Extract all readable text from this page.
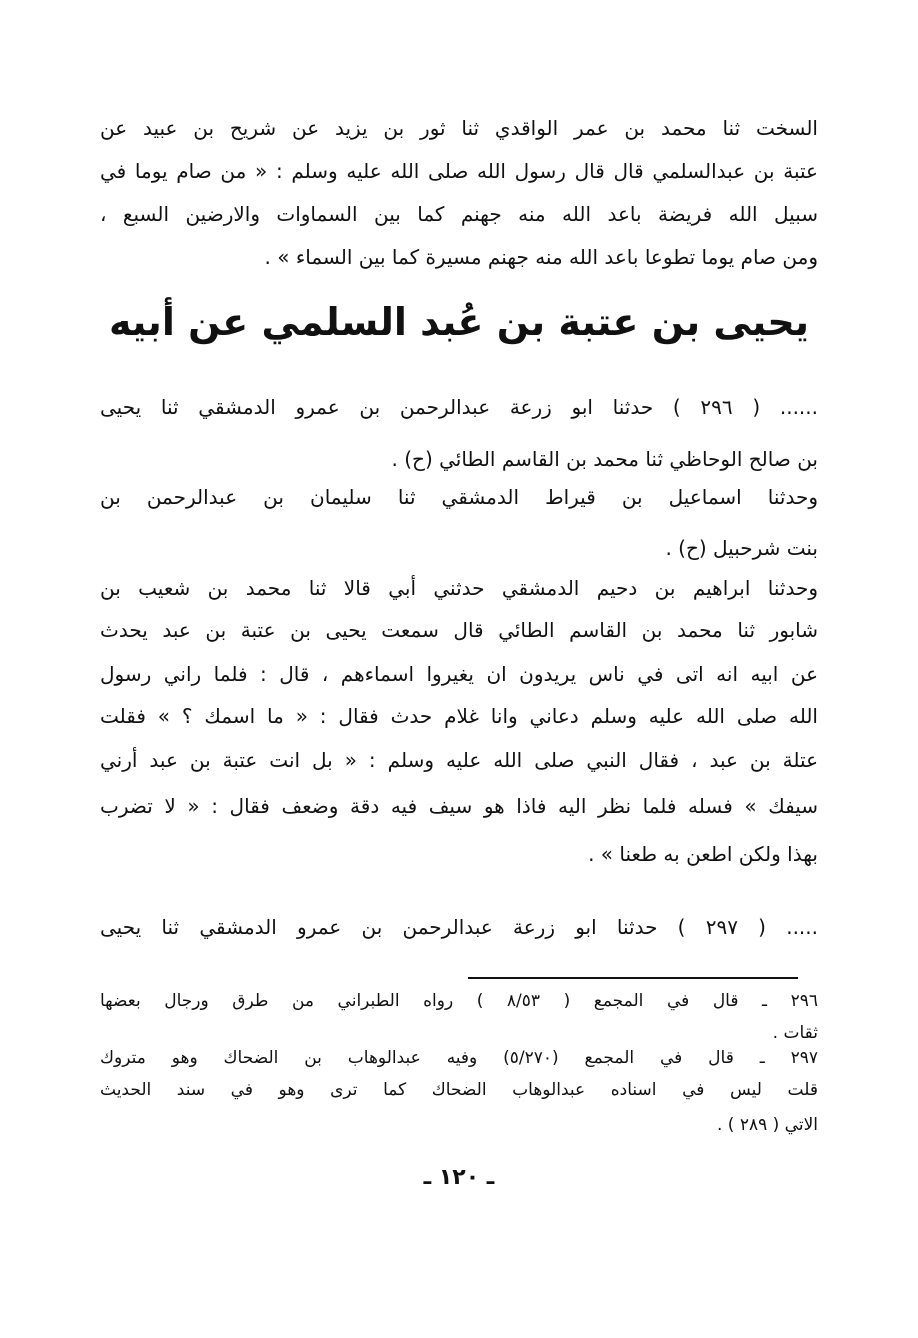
السخت ثنا محمد بن عمر الواقدي ثنا ثور بن يزيد عن شريح بن عبيد عن
عتبة بن عبدالسلمي قال قال رسول الله صلى الله عليه وسلم : « من صام يوما في
سبيل الله فريضة باعد الله منه جهنم كما بين السماوات والارضين السبع ،
ومن صام يوما تطوعا باعد الله منه جهنم مسيرة كما بين السماء » .
يحيى بن عتبة بن عُبد السلمي عن أبيه
...... ( ٢٩٦ ) حدثنا ابو زرعة عبدالرحمن بن عمرو الدمشقي ثنا يحيى
بن صالح الوحاظي ثنا محمد بن القاسم الطائي (ح) .
وحدثنا اسماعيل بن قيراط الدمشقي ثنا سليمان بن عبدالرحمن بن
بنت شرحبيل (ح) .
وحدثنا ابراهيم بن دحيم الدمشقي حدثني أبي قالا ثنا محمد بن شعيب بن
شابور ثنا محمد بن القاسم الطائي قال سمعت يحيى بن عتبة بن عبد يحدث
عن ابيه انه اتى في ناس يريدون ان يغيروا اسماءهم ، قال : فلما راني رسول
الله صلى الله عليه وسلم دعاني وانا غلام حدث فقال : « ما اسمك ؟ » فقلت
عتلة بن عبد ، فقال النبي صلى الله عليه وسلم : « بل انت عتبة بن عبد أرني
سيفك » فسله فلما نظر اليه فاذا هو سيف فيه دقة وضعف فقال : « لا تضرب
بهذا ولكن اطعن به طعنا » .
..... ( ٢٩٧ ) حدثنا ابو زرعة عبدالرحمن بن عمرو الدمشقي ثنا يحيى
٢٩٦ ـ قال في المجمع ( ٨/٥٣ ) رواه الطبراني من طرق ورجال بعضها
ثقات .
٢٩٧ ـ قال في المجمع (٥/٢٧٠) وفيه عبدالوهاب بن الضحاك وهو متروك
قلت ليس في اسناده عبدالوهاب الضحاك كما ترى وهو في سند الحديث
الاتي ( ٢٨٩ ) .
ـ ١٢٠ ـ
